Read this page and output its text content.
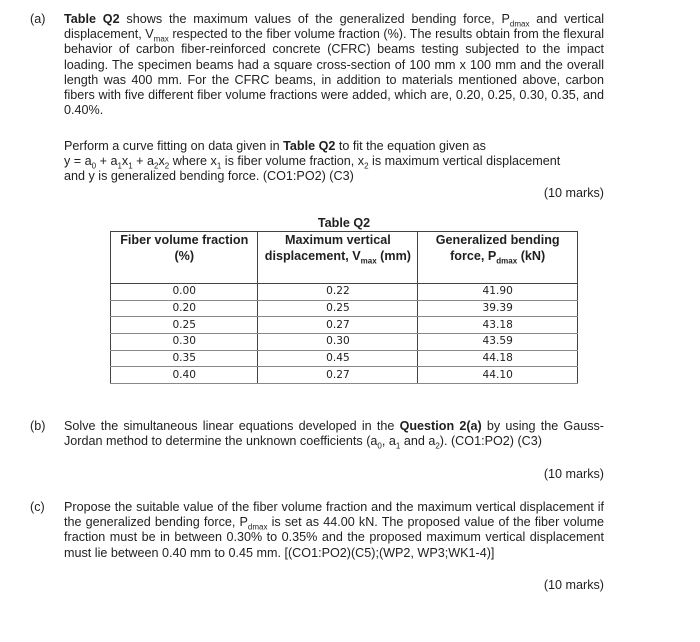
(a)	Table Q2 shows the maximum values of the generalized bending force, $P_{dmax}$ and vertical displacement, $V_{max}$ respected to the fiber volume fraction (%). The results obtain from the flexural behavior of carbon fiber-reinforced concrete (CFRC) beams testing subjected to the impact loading. The specimen beams had a square cross-section of 100 mm x 100 mm and the overall length was 400 mm. For the CFRC beams, in addition to materials mentioned above, carbon fibers with five different fiber volume fractions were added, which are, 0.20, 0.25, 0.30, 0.35, and 0.40%.

Perform a curve fitting on data given in Table Q2 to fit the equation given as
$y = a_0 + a_1x_1 + a_2x_2$ where $x_1$ is fiber volume fraction, $x_2$ is maximum vertical displacement
and y is generalized bending force. (CO1:PO2) (C3)

(10 marks)
Table Q2
Fiber volume fraction (%)	Maximum vertical displacement, $V_{max}$ (mm)	Generalized bending force, $P_{dmax}$ (kN)
0.00	0.22	41.90
0.20	0.25	39.39
0.25	0.27	43.18
0.30	0.30	43.59
0.35	0.45	44.18
0.40	0.27	44.10
(b)	Solve the simultaneous linear equations developed in the Question 2(a) by using the Gauss-Jordan method to determine the unknown coefficients ($a_0$, $a_1$ and $a_2$). (CO1:PO2) (C3)

(10 marks)
(c)	Propose the suitable value of the fiber volume fraction and the maximum vertical displacement if the generalized bending force, $P_{dmax}$ is set as 44.00 kN. The proposed value of the fiber volume fraction must be in between 0.30% to 0.35% and the proposed maximum vertical displacement must lie between 0.40 mm to 0.45 mm. [(CO1:PO2)(C5);(WP2, WP3;WK1-4)]

(10 marks)
